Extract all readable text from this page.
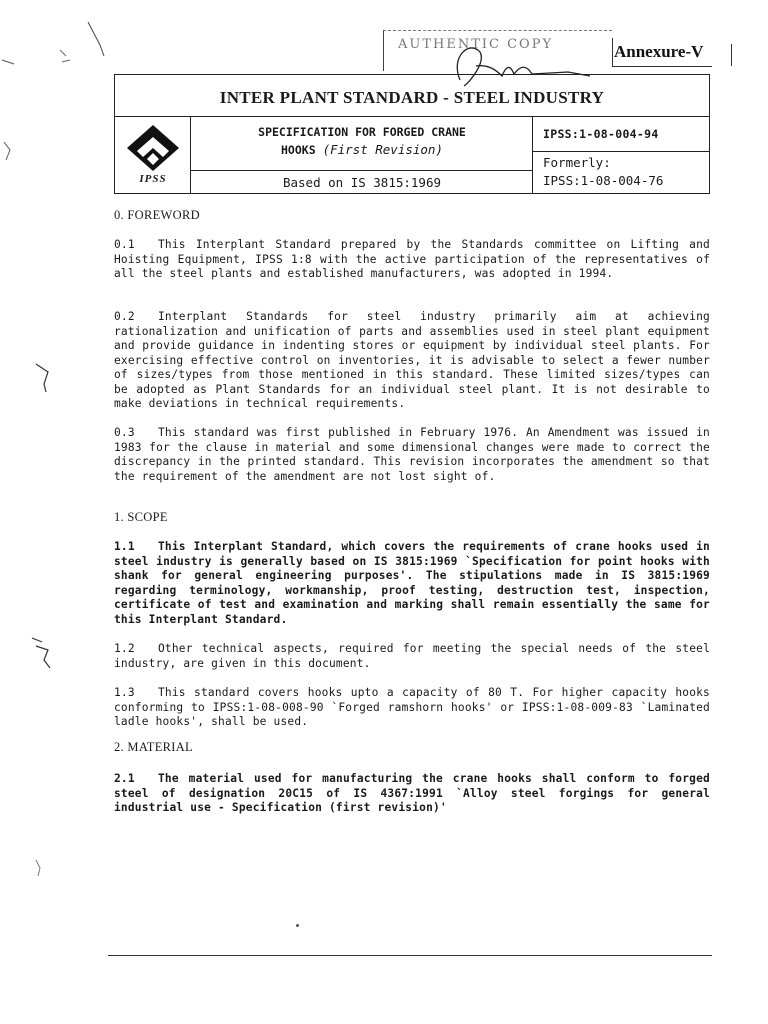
AUTHENTIC COPY	Annexure-V
INTER PLANT STANDARD - STEEL INDUSTRY
IPSS
SPECIFICATION FOR FORGED CRANE
HOOKS (First Revision)
Based on IS 3815:1969
IPSS:1-08-004-94
Formerly:
IPSS:1-08-004-76
0. FOREWORD
0.1 This Interplant Standard prepared by the Standards committee on Lifting and Hoisting Equipment, IPSS 1:8 with the active participation of the representatives of all the steel plants and established manufacturers, was adopted in 1994.
0.2 Interplant Standards for steel industry primarily aim at achieving rationalization and unification of parts and assemblies used in steel plant equipment and provide guidance in indenting stores or equipment by individual steel plants. For exercising effective control on inventories, it is advisable to select a fewer number of sizes/types from those mentioned in this standard. These limited sizes/types can be adopted as Plant Standards for an individual steel plant. It is not desirable to make deviations in technical requirements.
0.3 This standard was first published in February 1976. An Amendment was issued in 1983 for the clause in material and some dimensional changes were made to correct the discrepancy in the printed standard. This revision incorporates the amendment so that the requirement of the amendment are not lost sight of.
1. SCOPE
1.1 This Interplant Standard, which covers the requirements of crane hooks used in steel industry is generally based on IS 3815:1969 `Specification for point hooks with shank for general engineering purposes'. The stipulations made in IS 3815:1969 regarding terminology, workmanship, proof testing, destruction test, inspection, certificate of test and examination and marking shall remain essentially the same for this Interplant Standard.
1.2 Other technical aspects, required for meeting the special needs of the steel industry, are given in this document.
1.3 This standard covers hooks upto a capacity of 80 T. For higher capacity hooks conforming to IPSS:1-08-008-90 `Forged ramshorn hooks' or IPSS:1-08-009-83 `Laminated ladle hooks', shall be used.
2. MATERIAL
2.1 The material used for manufacturing the crane hooks shall conform to forged steel of designation 20C15 of IS 4367:1991 `Alloy steel forgings for general industrial use - Specification (first revision)'
